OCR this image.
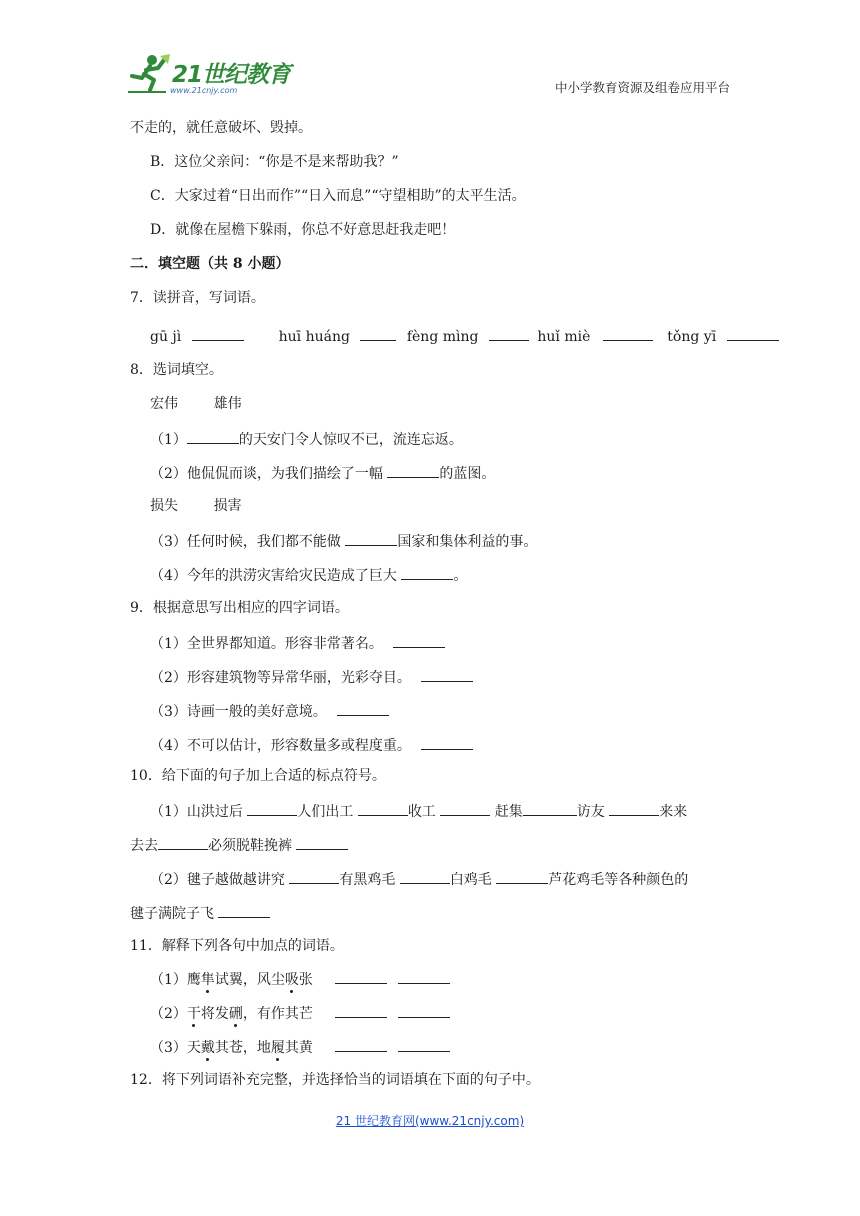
21世纪教育
www.21cnjy.com	中小学教育资源及组卷应用平台
不走的，就任意破坏、毁掉。
B．这位父亲问：“你是不是来帮助我？”
C．大家过着“日出而作”“日入而息”“守望相助”的太平生活。
D．就像在屋檐下躲雨，你总不好意思赶我走吧！
二．填空题（共 8 小题）
7．读拼音，写词语。
gū jì	huī huáng	fèng mìng	huǐ miè	tǒng yī
8．选词填空。
宏伟        雄伟
（1）	的天安门令人惊叹不已，流连忘返。
（2）他侃侃而谈，为我们描绘了一幅	的蓝图。
损失        损害
（3）任何时候，我们都不能做	国家和集体利益的事。
（4）今年的洪涝灾害给灾民造成了巨大	。
9．根据意思写出相应的四字词语。
（1）全世界都知道。形容非常著名。
（2）形容建筑物等异常华丽，光彩夺目。
（3）诗画一般的美好意境。
（4）不可以估计，形容数量多或程度重。
10．给下面的句子加上合适的标点符号。
（1）山洪过后	人们出工	收工	赶集	访友	来来
去去	必须脱鞋挽裤
（2）毽子越做越讲究	有黑鸡毛	白鸡毛	芦花鸡毛等各种颜色的
毽子满院子飞
11．解释下列各句中加点的词语。
（1）鹰隼试翼，风尘吸张
（2）干将发硎，有作其芒
（3）天戴其苍，地履其黄
12．将下列词语补充完整，并选择恰当的词语填在下面的句子中。
21 世纪教育网(www.21cnjy.com)
